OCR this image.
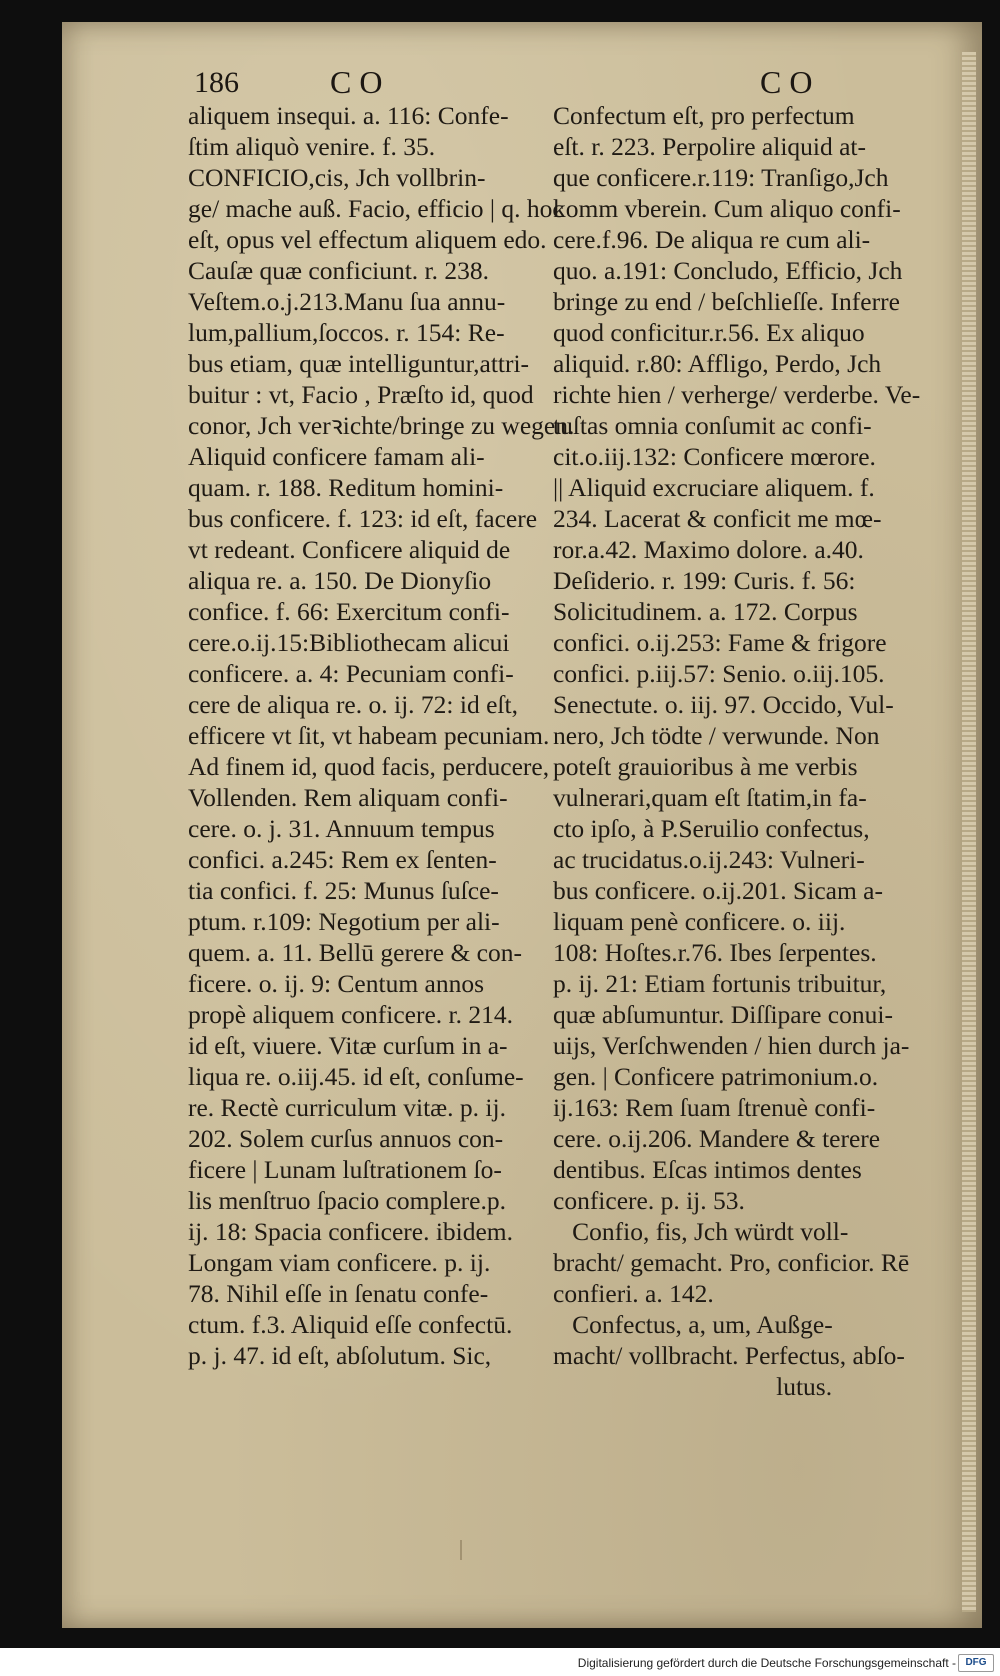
186	CO	CO
aliquem insequi. a. 116: Confe-
ſtim aliquò venire. f. 35.
CONFICIO,cis, Jch vollbrin-
ge/ mache auß. Facio, efficio | q. hoc
eſt, opus vel effectum aliquem edo.
Cauſæ quæ conficiunt. r. 238.
Veſtem.o.j.213.Manu ſua annu-
lum,pallium,ſoccos. r. 154: Re-
bus etiam, quæ intelliguntur,attri-
buitur : vt, Facio , Præſto id, quod
conor, Jch verꝛichte/bringe zu wegen.
Aliquid conficere famam ali-
quam. r. 188. Reditum homini-
bus conficere. f. 123: id eſt, facere
vt redeant. Conficere aliquid de
aliqua re. a. 150. De Dionyſio
confice. f. 66: Exercitum confi-
cere.o.ij.15:Bibliothecam alicui
conficere. a. 4: Pecuniam confi-
cere de aliqua re. o. ij. 72: id eſt,
efficere vt ſit, vt habeam pecuniam.
Ad finem id, quod facis, perducere,
Vollenden. Rem aliquam confi-
cere. o. j. 31. Annuum tempus
confici. a.245: Rem ex ſenten-
tia confici. f. 25: Munus ſuſce-
ptum. r.109: Negotium per ali-
quem. a. 11. Bellū gerere & con-
ficere. o. ij. 9: Centum annos
propè aliquem conficere. r. 214.
id eſt, viuere. Vitæ curſum in a-
liqua re. o.iij.45. id eſt, conſume-
re. Rectè curriculum vitæ. p. ij.
202. Solem curſus annuos con-
ficere | Lunam luſtrationem ſo-
lis menſtruo ſpacio complere.p.
ij. 18: Spacia conficere. ibidem.
Longam viam conficere. p. ij.
78. Nihil eſſe in ſenatu confe-
ctum. f.3. Aliquid eſſe confectū.
p. j. 47. id eſt, abſolutum. Sic,
Confectum eſt, pro perfectum
eſt. r. 223. Perpolire aliquid at-
que conficere.r.119: Tranſigo,Jch
komm vberein. Cum aliquo confi-
cere.f.96. De aliqua re cum ali-
quo. a.191: Concludo, Efficio, Jch
bringe zu end / beſchlieſſe. Inferre
quod conficitur.r.56. Ex aliquo
aliquid. r.80: Affligo, Perdo, Jch
richte hien / verherge/ verderbe. Ve-
tuſtas omnia conſumit ac confi-
cit.o.iij.132: Conficere mœrore.
|| Aliquid excruciare aliquem. f.
234. Lacerat & conficit me mœ-
ror.a.42. Maximo dolore. a.40.
Deſiderio. r. 199: Curis. f. 56:
Solicitudinem. a. 172. Corpus
confici. o.ij.253: Fame & frigore
confici. p.iij.57: Senio. o.iij.105.
Senectute. o. iij. 97. Occido, Vul-
nero, Jch tödte / verwunde. Non
poteſt grauioribus à me verbis
vulnerari,quam eſt ſtatim,in fa-
cto ipſo, à P.Seruilio confectus,
ac trucidatus.o.ij.243: Vulneri-
bus conficere. o.ij.201. Sicam a-
liquam penè conficere. o. iij.
108: Hoſtes.r.76. Ibes ſerpentes.
p. ij. 21: Etiam fortunis tribuitur,
quæ abſumuntur. Diſſipare conui-
uijs, Verſchwenden / hien durch ja-
gen. | Conficere patrimonium.o.
ij.163: Rem ſuam ſtrenuè confi-
cere. o.ij.206. Mandere & terere
dentibus. Eſcas intimos dentes
conficere. p. ij. 53.
Confio, fis, Jch würdt voll-
bracht/ gemacht. Pro, conficior. Rē
confieri. a. 142.
Confectus, a, um, Außge-
macht/ vollbracht. Perfectus, abſo-
lutus.
Digitalisierung gefördert durch die Deutsche Forschungsgemeinschaft - DFG
